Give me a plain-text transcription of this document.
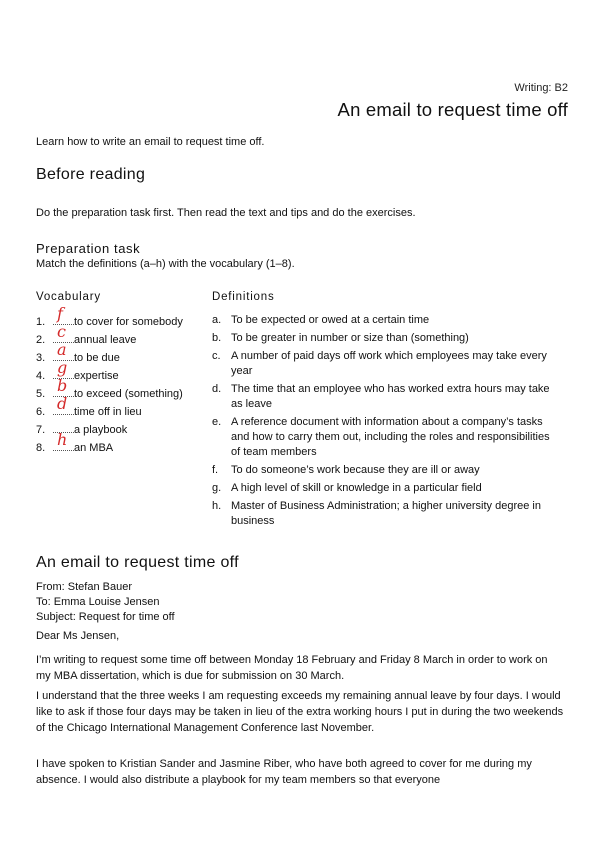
Writing: B2
An email to request time off
Learn how to write an email to request time off.
Before reading
Do the preparation task first. Then read the text and tips and do the exercises.
Preparation task
Match the definitions (a–h) with the vocabulary (1–8).
Vocabulary	Definitions
1. f to cover for somebody
2. c annual leave
3. a to be due
4. g expertise
5. b to exceed (something)
6. d time off in lieu
7.	a playbook
8. h an MBA
a. To be expected or owed at a certain time
b. To be greater in number or size than (something)
c. A number of paid days off work which employees may take every year
d. The time that an employee who has worked extra hours may take as leave
e. A reference document with information about a company’s tasks and how to carry them out, including the roles and responsibilities of team members
f.	To do someone’s work because they are ill or away
g. A high level of skill or knowledge in a particular field
h. Master of Business Administration; a higher university degree in business
An email to request time off
From: Stefan Bauer
To: Emma Louise Jensen
Subject: Request for time off
Dear Ms Jensen,

I’m writing to request some time off between Monday 18 February and Friday 8 March in order to work on my MBA dissertation, which is due for submission on 30 March.

I understand that the three weeks I am requesting exceeds my remaining annual leave by four days. I would like to ask if those four days may be taken in lieu of the extra working hours I put in during the two weekends of the Chicago International Management Conference last November.

I have spoken to Kristian Sander and Jasmine Riber, who have both agreed to cover for me during my absence. I would also distribute a playbook for my team members so that everyone
